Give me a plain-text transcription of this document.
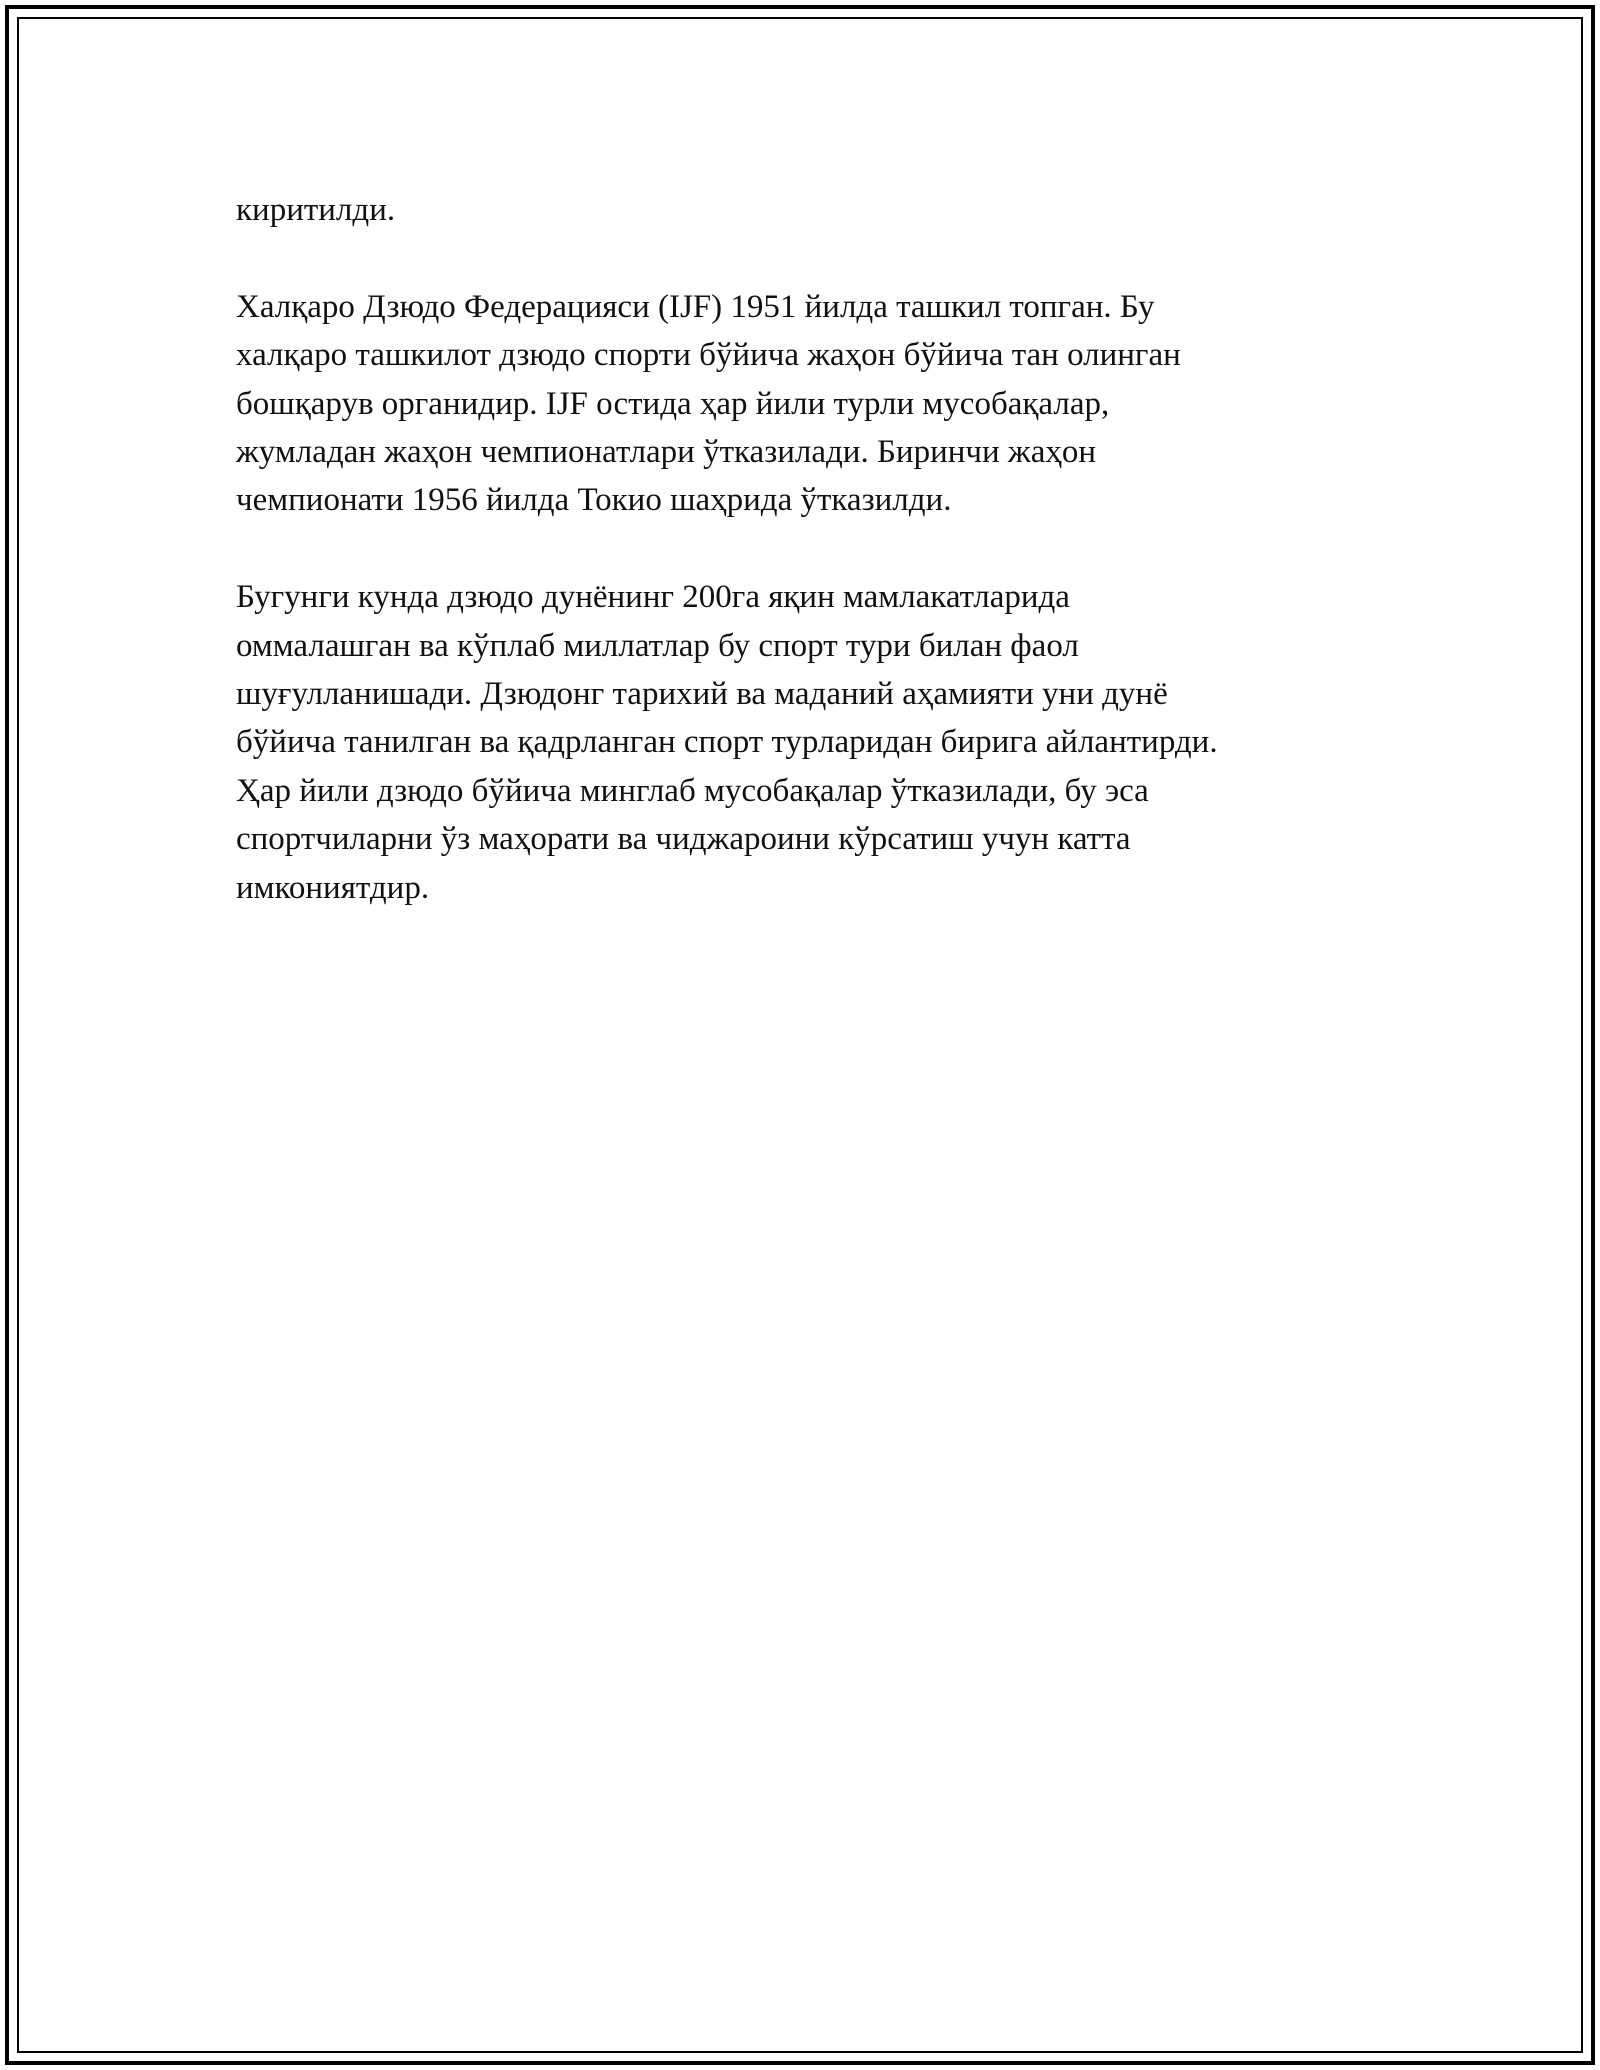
киритилди.

Халқаро Дзюдо Федерацияси (IJF) 1951 йилда ташкил топган. Бу
халқаро ташкилот дзюдо спорти бўйича жаҳон бўйича тан олинган
бошқарув органидир. IJF остида ҳар йили турли мусобақалар,
жумладан жаҳон чемпионатлари ўтказилади. Биринчи жаҳон
чемпионати 1956 йилда Токио шаҳрида ўтказилди.

Бугунги кунда дзюдо дунёнинг 200га яқин мамлакатларида
оммалашган ва кўплаб миллатлар бу спорт тури билан фаол
шуғулланишади. Дзюдонг тарихий ва маданий аҳамияти уни дунё
бўйича танилган ва қадрланган спорт турларидан бирига айлантирди.
Ҳар йили дзюдо бўйича минглаб мусобақалар ўтказилади, бу эса
спортчиларни ўз маҳорати ва чиджароини кўрсатиш учун катта
имкониятдир.
